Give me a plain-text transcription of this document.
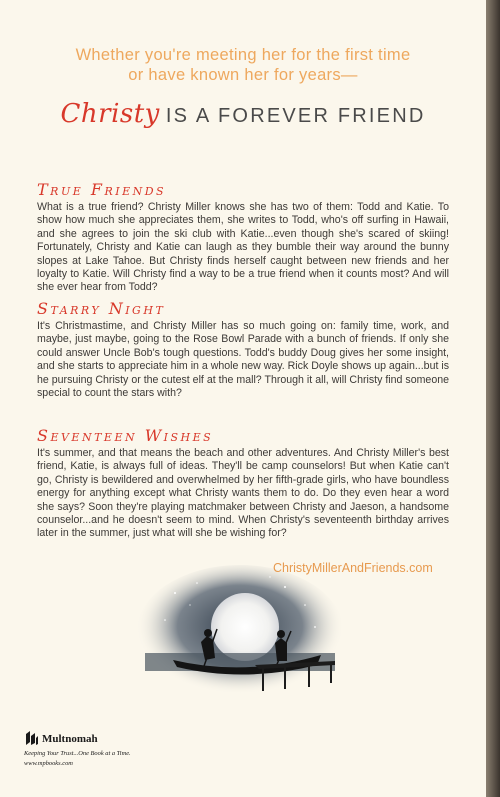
Whether you're meeting her for the first time
or have known her for years—
Christy IS A FOREVER FRIEND
True Friends
What is a true friend? Christy Miller knows she has two of them: Todd and Katie. To show how much she appreciates them, she writes to Todd, who's off surfing in Hawaii, and she agrees to join the ski club with Katie...even though she's scared of skiing! Fortunately, Christy and Katie can laugh as they bumble their way around the bunny slopes at Lake Tahoe. But Christy finds herself caught between new friends and her loyalty to Katie. Will Christy find a way to be a true friend when it counts most? And will she ever hear from Todd?
Starry Night
It's Christmastime, and Christy Miller has so much going on: family time, work, and maybe, just maybe, going to the Rose Bowl Parade with a bunch of friends. If only she could answer Uncle Bob's tough questions. Todd's buddy Doug gives her some insight, and she starts to appreciate him in a whole new way. Rick Doyle shows up again...but is he pursuing Christy or the cutest elf at the mall? Through it all, will Christy find someone special to count the stars with?
Seventeen Wishes
It's summer, and that means the beach and other adventures. And Christy Miller's best friend, Katie, is always full of ideas. They'll be camp counselors! But when Katie can't go, Christy is bewildered and overwhelmed by her fifth-grade girls, who have boundless energy for anything except what Christy wants them to do. Do they even hear a word she says? Soon they're playing matchmaker between Christy and Jaeson, a handsome counselor...and he doesn't seem to mind. When Christy's seventeenth birthday arrives later in the summer, just what will she be wishing for?
ChristyMillerAndFriends.com
Multnomah
Keeping Your Trust...One Book at a Time.
www.mpbooks.com
